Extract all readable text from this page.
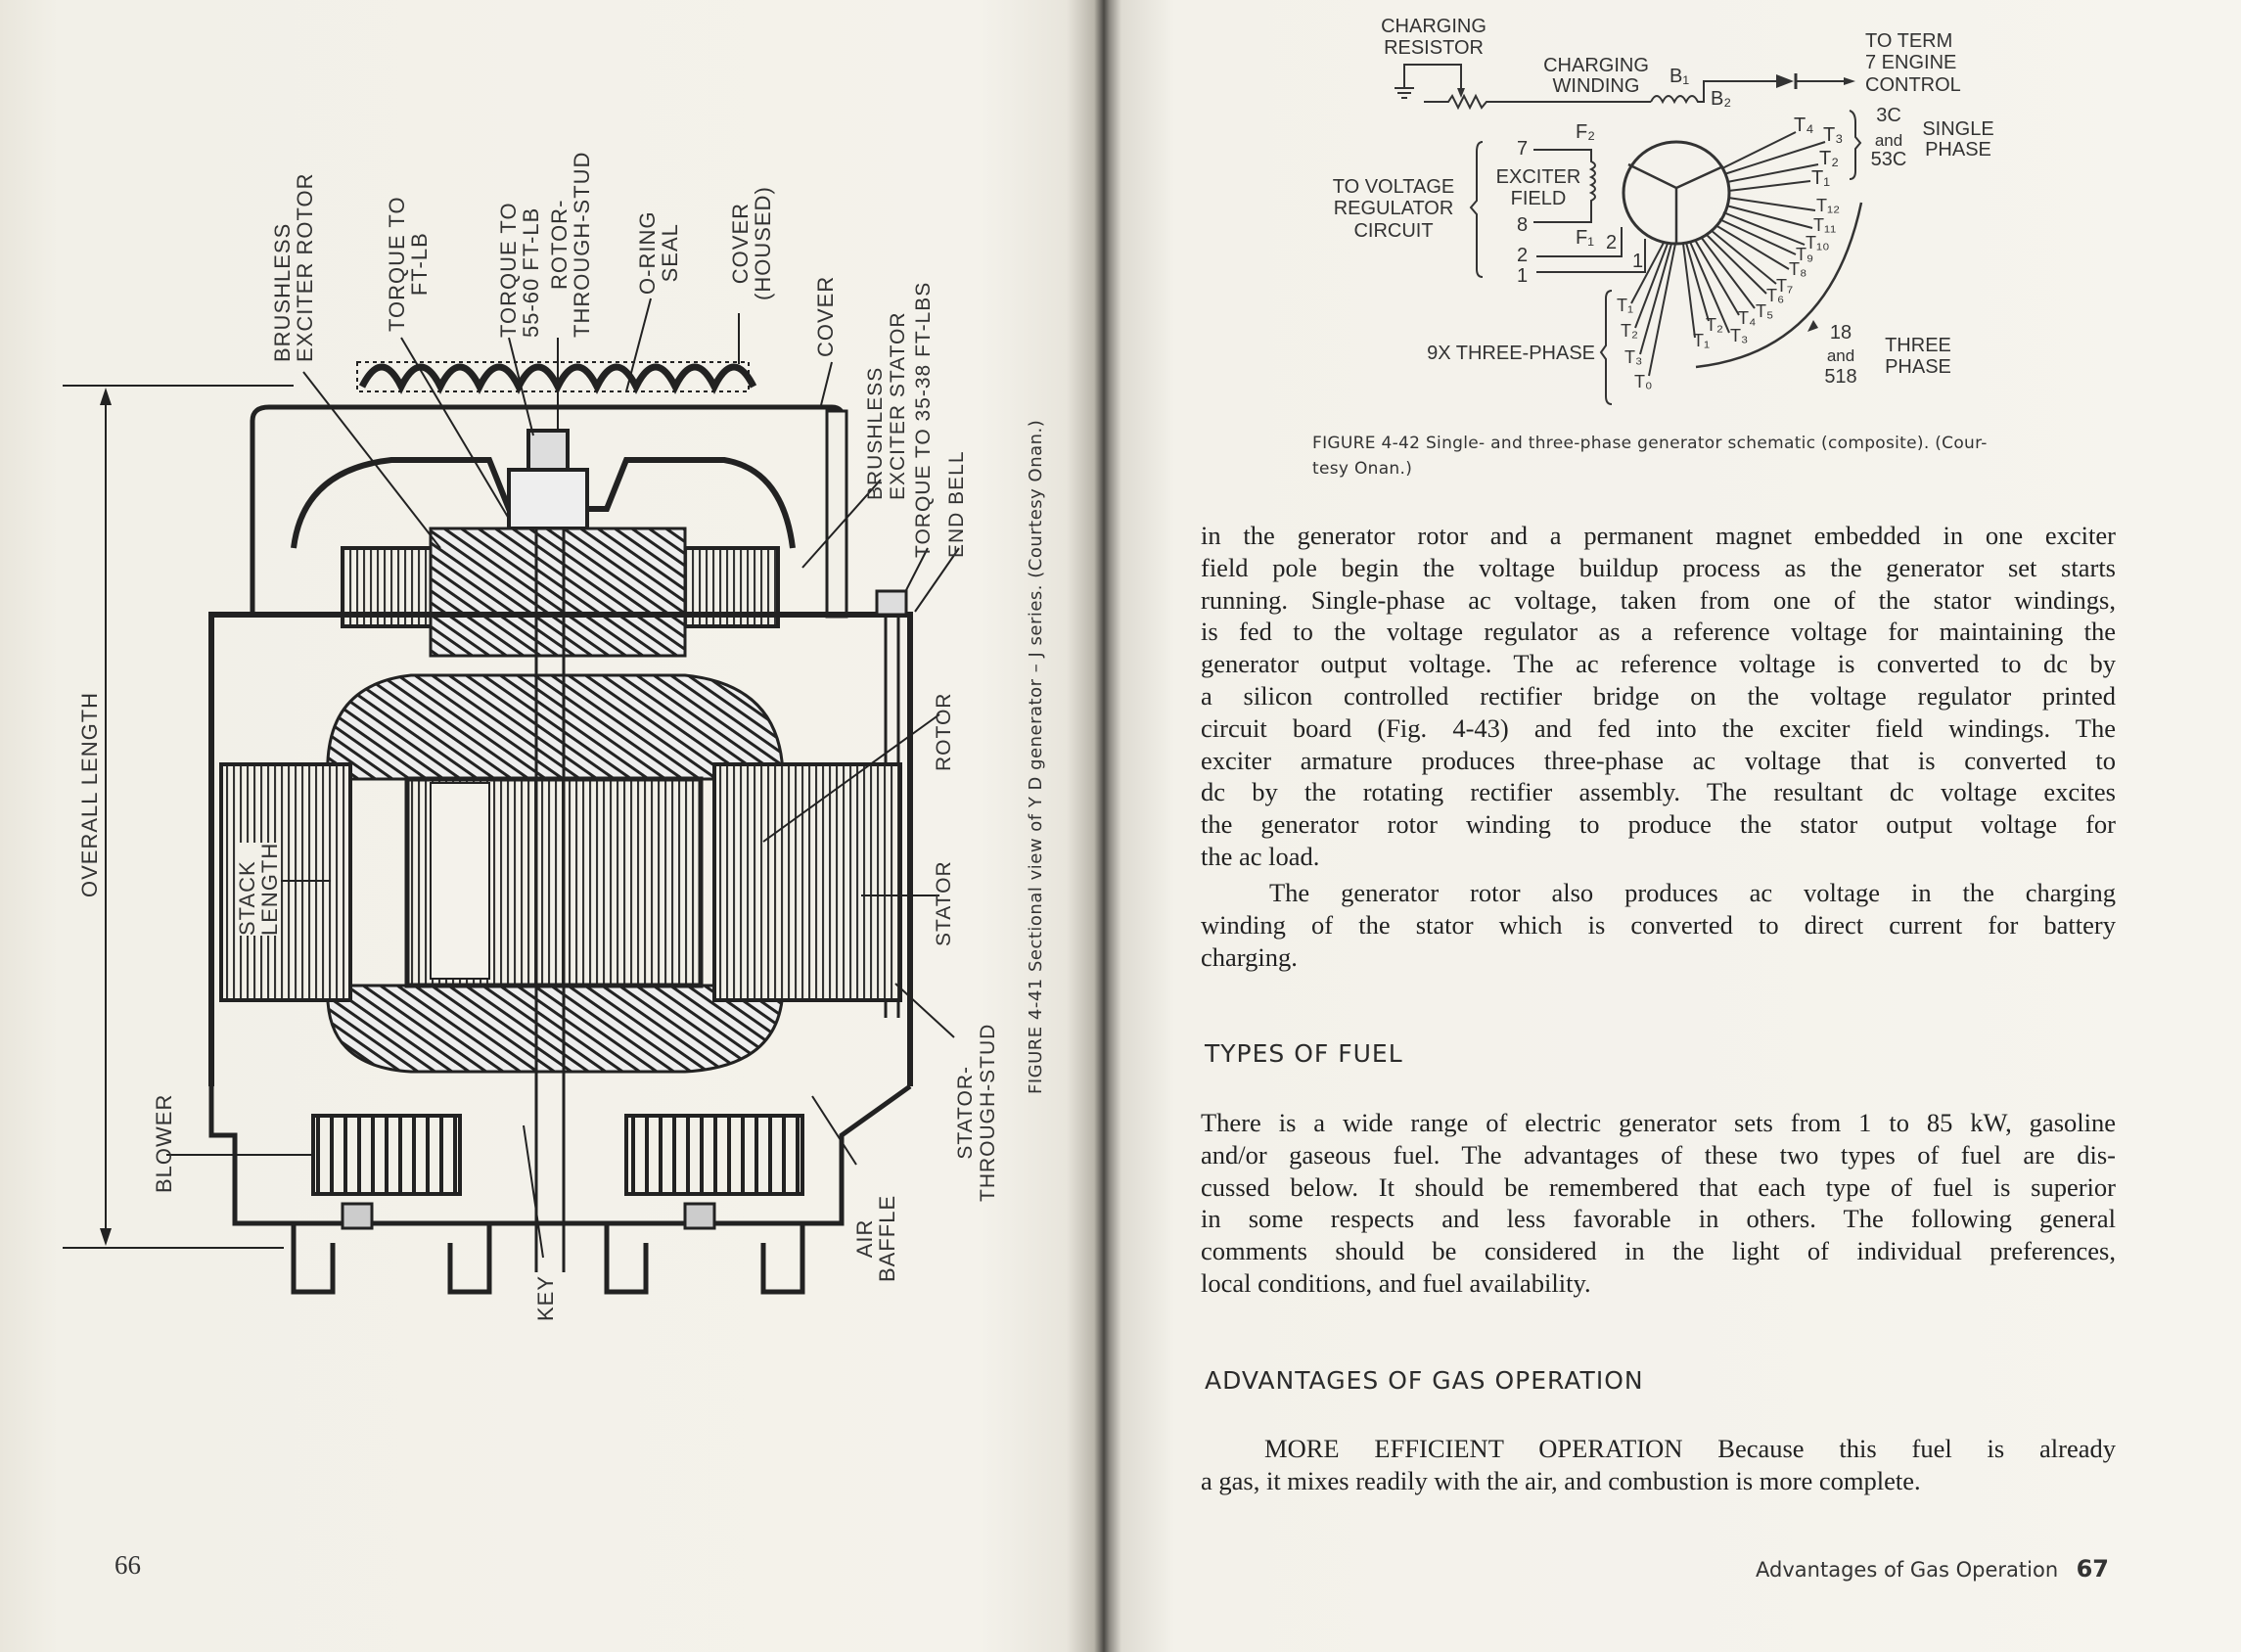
BRUSHLESS
EXCITER ROTOR	TORQUE TO
FT-LB	TORQUE TO
55-60 FT-LB ROTOR-
THROUGH-STUD O-RING
SEAL COVER
(HOUSED)
COVER
BRUSHLESS EXCITER STATOR TORQUE TO 35-38 FT-LBS END BELL
ROTOR
STATOR
STATOR- THROUGH-STUD
OVERALL LENGTH
STACK
LENGTH
BLOWER
KEY
AIR
BAFFLE
FIGURE 4-41 Sectional view of Y D generator – J series. (Courtesy Onan.)
66
CHARGING
RESISTOR
CHARGING
WINDING B₁
B₂
TO TERM
7 ENGINE
CONTROL
TO VOLTAGE
REGULATOR
CIRCUIT
EXCITER
FIELD
F₂
F₁
7
8
2
1
2
1
T₄ T₃
T₂
T₁
3C
and
53C
SINGLE
PHASE
T₁₂
T₁₁
T₁₀
T₉
T₈
T₇
T₆
T₅
T₄
T₂
T₃
T₁
T₁
T₂
T₃
T₀
9X THREE-PHASE
18
and
518
THREE
PHASE
FIGURE 4-42 Single- and three-phase generator schematic (composite). (Cour-
tesy Onan.)
in the generator rotor and a permanent magnet embedded in one exciter
field pole begin the voltage buildup process as the generator set starts
running. Single-phase ac voltage, taken from one of the stator windings,
is fed to the voltage regulator as a reference voltage for maintaining the
generator output voltage. The ac reference voltage is converted to dc by
a silicon controlled rectifier bridge on the voltage regulator printed
circuit board (Fig. 4-43) and fed into the exciter field windings. The
exciter armature produces three-phase ac voltage that is converted to
dc by the rotating rectifier assembly. The resultant dc voltage excites
the generator rotor winding to produce the stator output voltage for
the ac load.
The generator rotor also produces ac voltage in the charging
winding of the stator which is converted to direct current for battery
charging.
TYPES OF FUEL
There is a wide range of electric generator sets from 1 to 85 kW, gasoline
and/or gaseous fuel. The advantages of these two types of fuel are dis-
cussed below. It should be remembered that each type of fuel is superior
in some respects and less favorable in others. The following general
comments should be considered in the light of individual preferences,
local conditions, and fuel availability.
ADVANTAGES OF GAS OPERATION
MORE EFFICIENT OPERATION Because this fuel is already
a gas, it mixes readily with the air, and combustion is more complete.
Advantages of Gas Operation 67
